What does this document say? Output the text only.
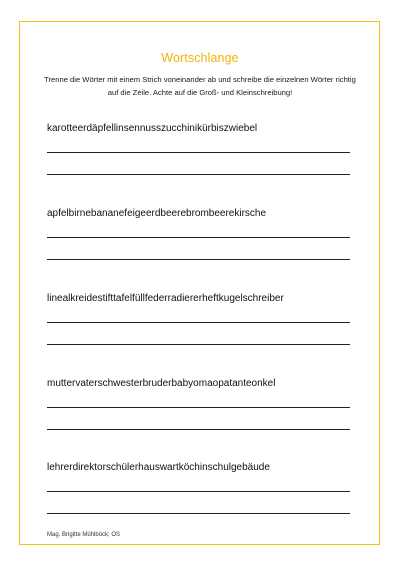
Wortschlange
Trenne die Wörter mit einem Strich voneinander ab und schreibe die einzelnen Wörter richtig auf die Zeile. Achte auf die Groß- und Kleinschreibung!
karotteerdäpfellinsennusszucchinikürbiszwiebel
apfelbirnebananefeigeerdbeerebrombeerekirsche
linealkreidestifttafelfüllfederradiererheftkugelschreiber
muttervaterschwesterbruderbabyomaopatanteonkel
lehrerdirektorschülerhauswartköchinschulgebäude
Mag. Brigitte Mühlböck; OS
